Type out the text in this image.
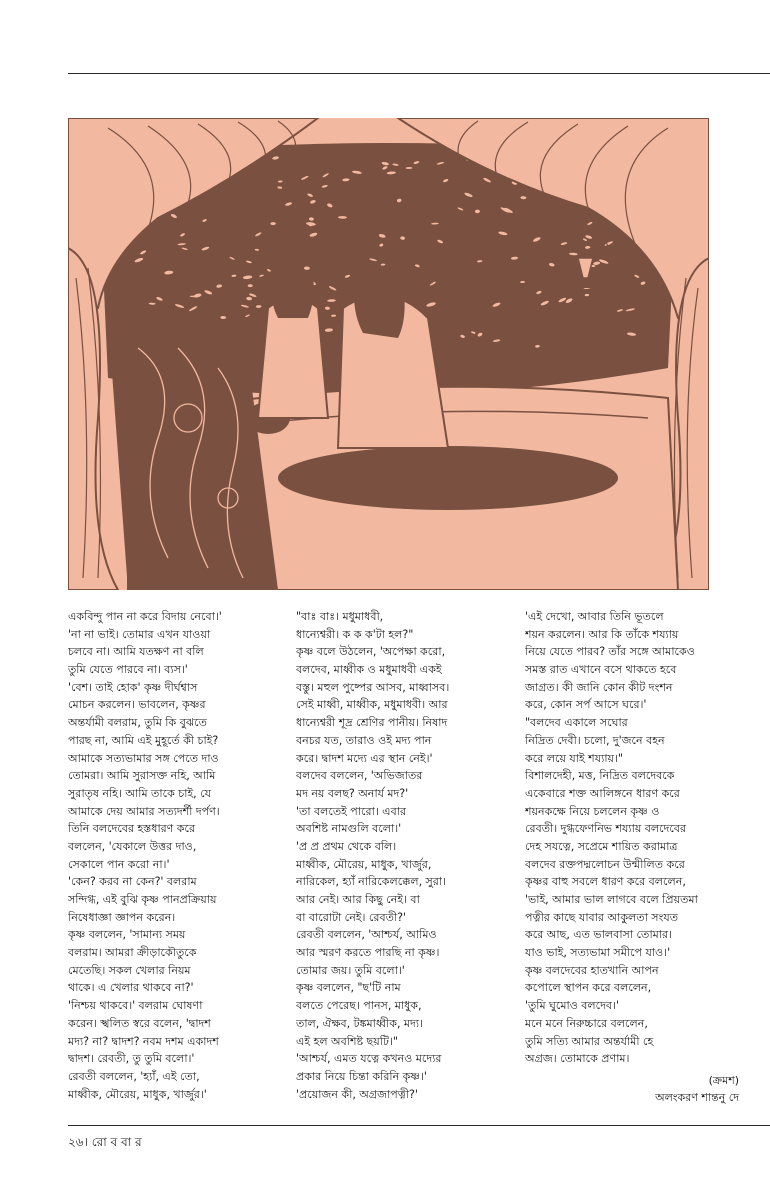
একবিন্দু পান না করে বিদায় নেবো।'
'না না ভাই। তোমার এখন যাওয়া
চলবে না। আমি যতক্ষণ না বলি
তুমি যেতে পারবে না। ব্যস।'
'বেশ। তাই হোক' কৃষ্ণ দীর্ঘশ্বাস
মোচন করলেন। ভাবলেন, কৃষ্ণর
অন্তর্যামী বলরাম, তুমি কি বুঝতে
পারছ না, আমি এই মুহূর্তে কী চাই?
আমাকে সত্যভামার সঙ্গ পেতে দাও
তোমরা। আমি সুরাসক্ত নহি, আমি
সুরাতৃষ নহি। আমি তাকে চাই, যে
আমাকে দেয় আমার সত্যদর্শী দর্পণ।
তিনি বলদেবের হস্তধারণ করে
বললেন, 'যেকালে উত্তর দাও,
সেকালে পান করো না।'
'কেন? করব না কেন?' বলরাম
সন্দিগ্ধ, এই বুঝি কৃষ্ণ পানপ্রক্রিয়ায়
নিষেধাজ্ঞা জ্ঞাপন করেন।
কৃষ্ণ বললেন, 'সামান্য সময়
বলরাম। আমরা ক্রীড়াকৌতুকে
মেতেছি। সকল খেলার নিয়ম
থাকে। এ খেলার থাকবে না?'
'নিশ্চয় থাকবে।' বলরাম ঘোষণা
করেন। স্খলিত স্বরে বলেন, 'দ্বাদশ
মদ্য? না? দ্বাদশ? নবম দশম একাদশ
দ্বাদশ। রেবতী, তু তুমি বলো।'
রেবতী বললেন, 'হ্যাঁ, এই তো,
মাধ্বীক, মৌরেয়, মাধুক, খার্জুর।'
"বাঃ বাঃ। মধুমাধবী,
ধান্যেশ্বরী। ক ক ক'টা হল?"
কৃষ্ণ বলে উঠলেন, 'অপেক্ষা করো,
বলদেব, মাধ্বীক ও মধুমাধবী একই
বস্তু। মহুল পুষ্পের আসব, মাধ্বাসব।
সেই মাধ্বী, মাধ্বীক, মধুমাধবী। আর
ধান্যেশ্বরী শূদ্র শ্রেণির পানীয়। নিষাদ
বনচর যত, তারাও ওই মদ্য পান
করে। দ্বাদশ মদ্যে এর স্থান নেই।'
বলদেব বললেন, 'অভিজাতর
মদ নয় বলছ? অনার্য মদ?'
'তা বলতেই পারো। এবার
অবশিষ্ট নামগুলি বলো।'
'প্র প্র প্রথম থেকে বলি।
মাধ্বীক, মৌরেয়, মাধুক, খার্জুর,
নারিকেল, হ্যাঁ নারিকেলক্কেল, সুরা।
আর নেই। আর কিছু নেই। বা
বা বারোটা নেই। রেবতী?'
রেবতী বললেন, 'আশ্চর্য, আমিও
আর স্মরণ করতে পারছি না কৃষ্ণ।
তোমার জয়। তুমি বলো।'
কৃষ্ণ বললেন, "ছ'টি নাম
বলতে পেরেছ। পানস, মাধুক,
তাল, ঐক্ষব, টঙ্কমাধ্বীক, মদ্য।
এই হল অবশিষ্ট ছয়টি।"
'আশ্চর্য, এমত যত্নে কখনও মদ্যের
প্রকার নিয়ে চিন্তা করিনি কৃষ্ণ।'
'প্রয়োজন কী, অগ্রজাপত্নী?'
'এই দেখো, আবার তিনি ভূতলে
শয়ন করলেন। আর কি তাঁকে শয্যায়
নিয়ে যেতে পারব? তাঁর সঙ্গে আমাকেও
সমস্ত রাত এখানে বসে থাকতে হবে
জাগ্রত। কী জানি কোন কীট দংশন
করে, কোন সর্প আসে ঘরে।'
"বলদেব একালে সঘোর
নিদ্রিত দেবী। চলো, দু'জনে বহন
করে লয়ে যাই শয্যায়।"
বিশালদেহী, মত্ত, নিদ্রিত বলদেবকে
একেবারে শক্ত আলিঙ্গনে ধারণ করে
শয়নকক্ষে নিয়ে চললেন কৃষ্ণ ও
রেবতী। দুগ্ধফেণনিভ শয্যায় বলদেবের
দেহ সযত্নে, সপ্রেমে শায়িত করামাত্র
বলদেব রক্তপদ্মলোচন উন্মীলিত করে
কৃষ্ণর বাহু সবলে ধারণ করে বললেন,
'ভাই, আমার ভাল লাগবে বলে প্রিয়তমা
পত্নীর কাছে যাবার আকুলতা সংযত
করে আছ, এত ভালবাসা তোমার।
যাও ভাই, সত্যভামা সমীপে যাও।'
কৃষ্ণ বলদেবের হাতখানি আপন
কপোলে স্থাপন করে বললেন,
'তুমি ঘুমোও বলদেব।'
মনে মনে নিরুচ্চারে বললেন,
তুমি সত্যি আমার অন্তর্যামী হে
অগ্রজ। তোমাকে প্রণাম।
(ক্রমশ)
অলংকরণ শান্তনু দে
২৬। রো ব বা র
